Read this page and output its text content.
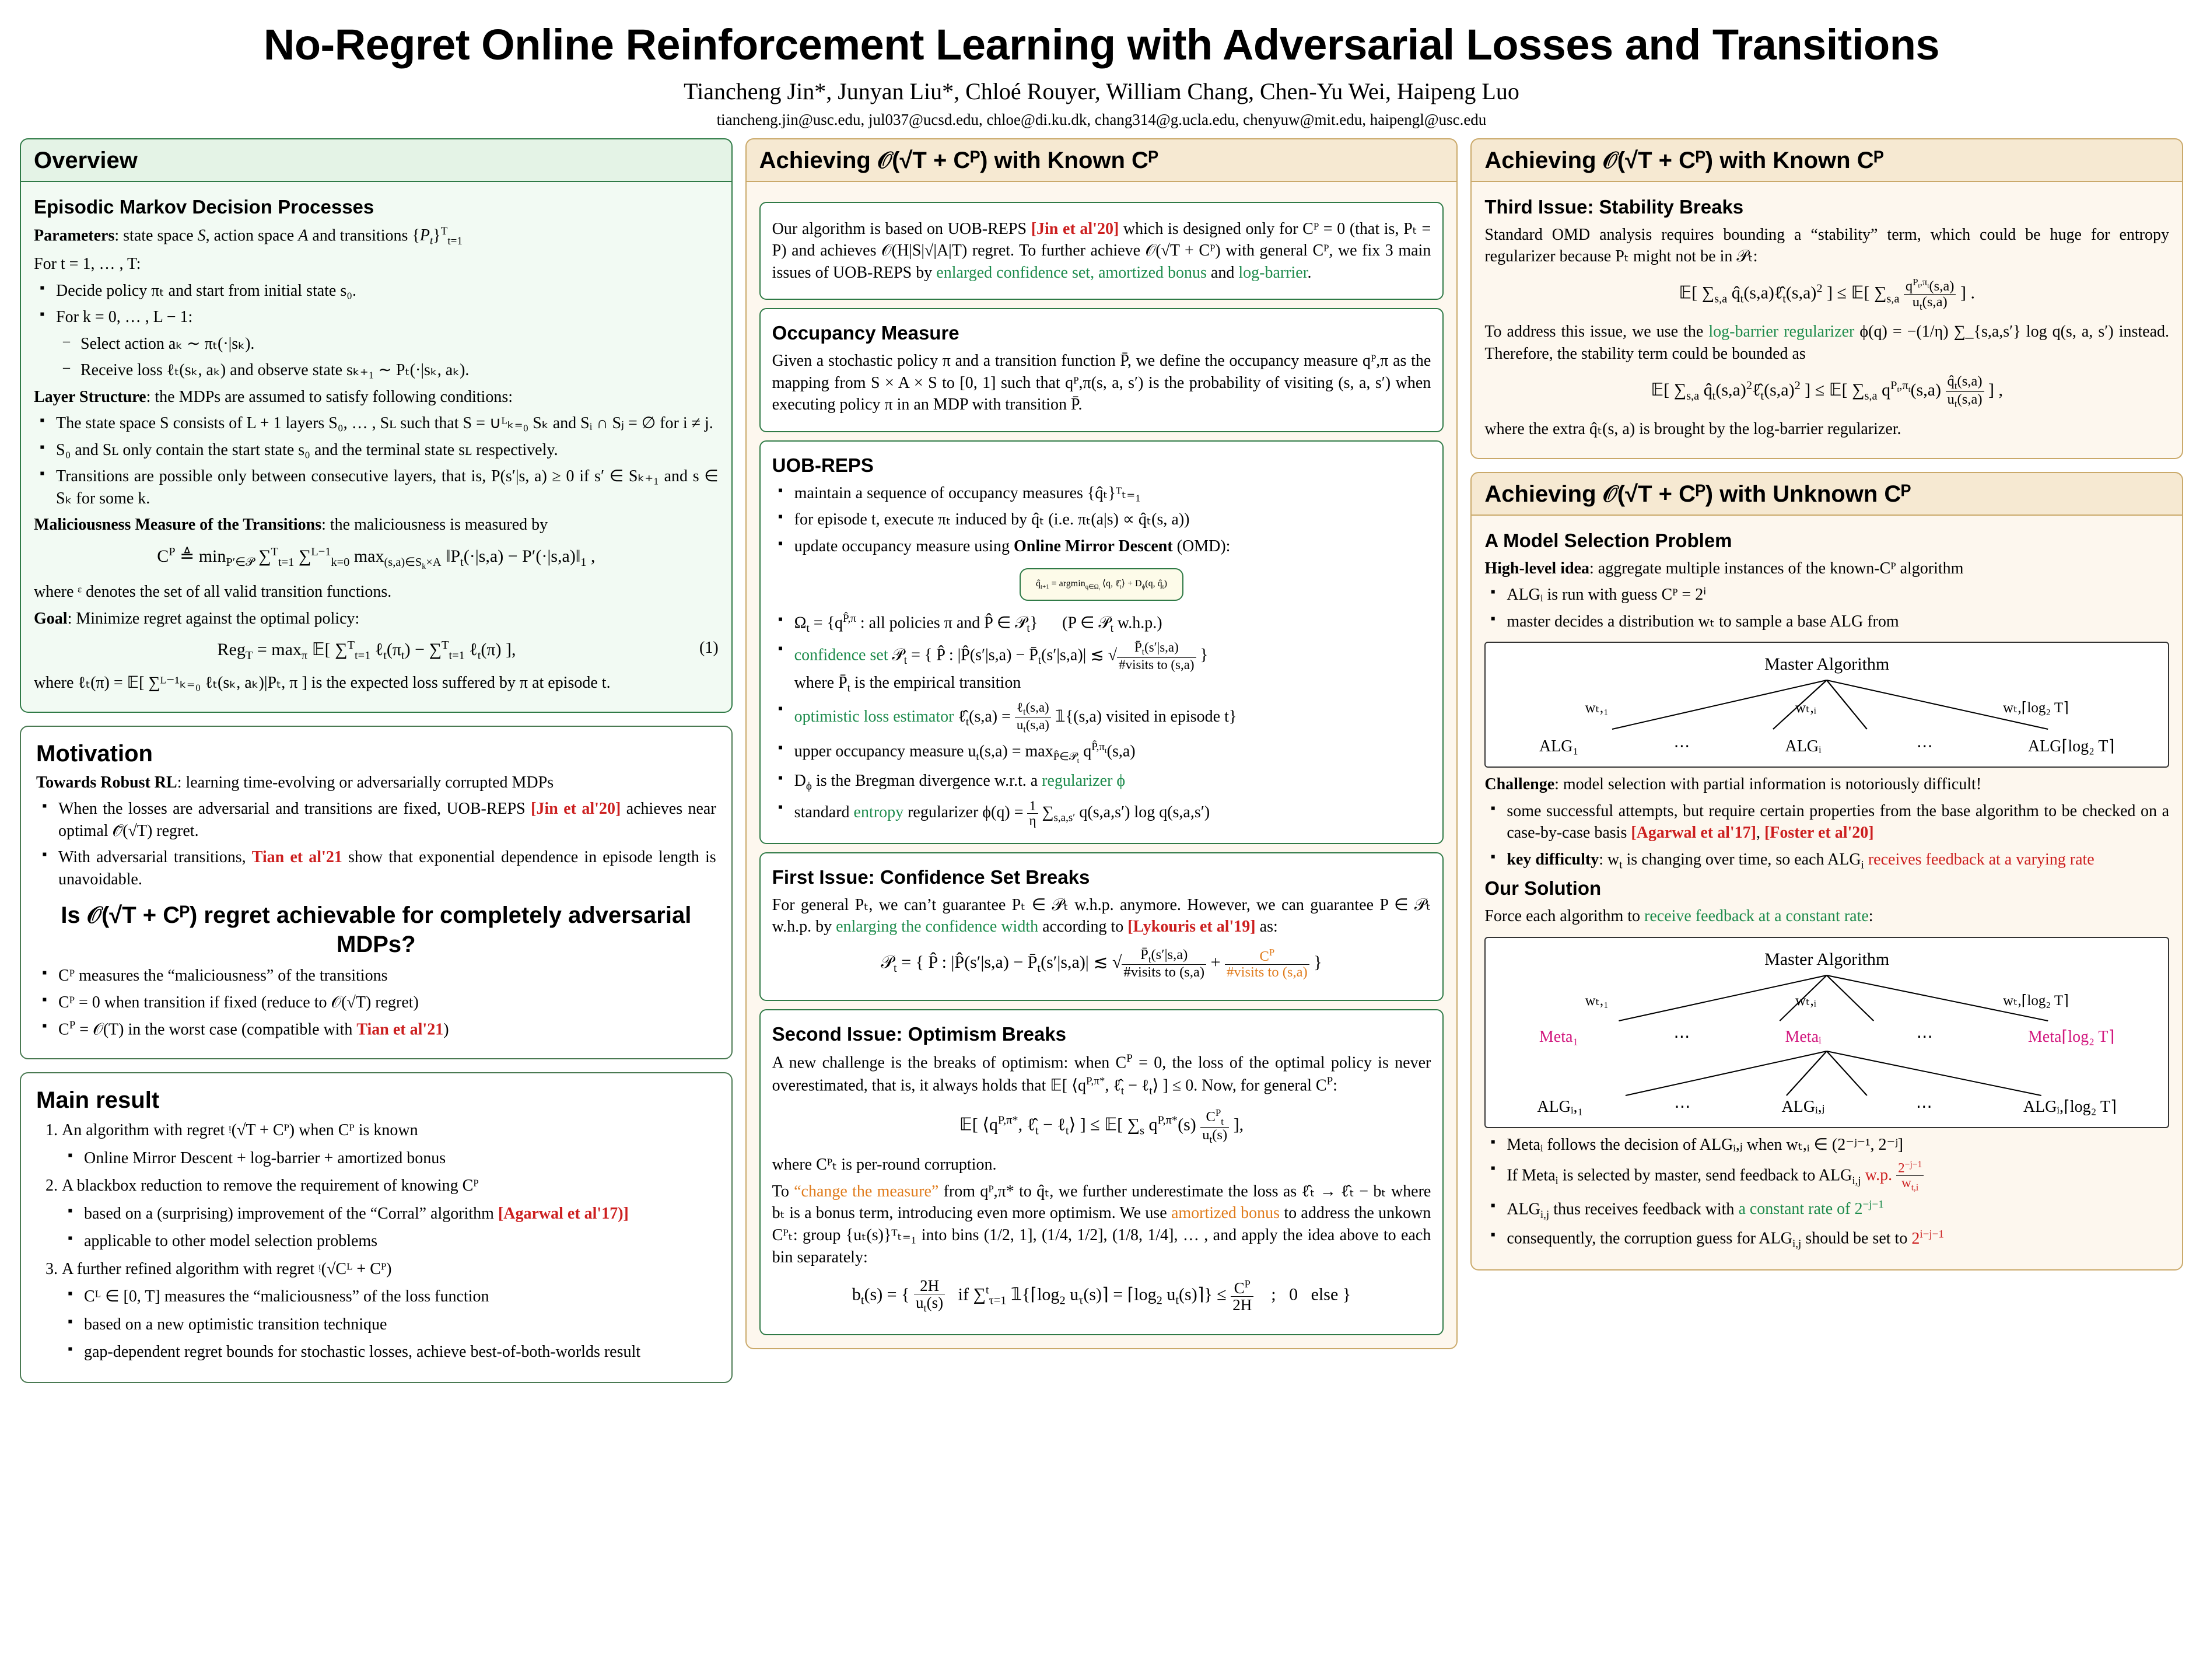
No-Regret Online Reinforcement Learning with Adversarial Losses and Transitions
Tiancheng Jin*, Junyan Liu*, Chloé Rouyer, William Chang, Chen-Yu Wei, Haipeng Luo
tiancheng.jin@usc.edu, jul037@ucsd.edu, chloe@di.ku.dk, chang314@g.ucla.edu, chenyuw@mit.edu, haipengl@usc.edu
Overview
Episodic Markov Decision Processes

Parameters: state space S, action space A and transitions $\{P_t\}^T_{t=1}$

For t = 1, … , T:

▪ Decide policy πₜ and start from initial state s₀.
▪ For k = 0, … , L − 1:
– Select action aₖ ∼ πₜ(·|sₖ).
– Receive loss ℓₜ(sₖ, aₖ) and observe state sₖ₊₁ ∼ Pₜ(·|sₖ, aₖ).

Layer Structure: the MDPs are assumed to satisfy following conditions:

▪ The state space S consists of L + 1 layers S₀, … , Sʟ such that S = ∪ᴸₖ₌₀ Sₖ and Sᵢ ∩ Sⱼ = ∅ for i ≠ j.
▪ S₀ and Sʟ only contain the start state s₀ and the terminal state sʟ respectively.
▪ Transitions are possible only between consecutive layers, that is, P(s′|s, a) ≥ 0 if s′ ∈ Sₖ₊₁ and s ∈ Sₖ for some k.

Maliciousness Measure of the Transitions: the maliciousness is measured by

$C^P$ ≜ $\min_{P'\in 𝒫} \sum^T_{t=1}$ ∑$^{L-1}_{k=0}$ $\max_{(s,a)\in S_k\times A}$ $‖P_t(\cdot|s,a)$ − $P'(\cdot|s,a)‖_1$ ,

where ᵋ denotes the set of all valid transition functions.

Goal: Minimize regret against the optimal policy:

$Reg_T = \max_\pi$ 𝔼[ ∑$^T_{t=1}$ $\ell_t(\pi_t) - \sum^T_{t=1}$ ℓ$_t$(π) ],	(1)

where ℓₜ(π) = 𝔼[ ∑ᴸ⁻¹ₖ₌₀ ℓₜ(sₖ, aₖ)|Pₜ, π ] is the expected loss suffered by π at episode t.

Motivation

Towards Robust RL: learning time-evolving or adversarially corrupted MDPs

▪ When the losses are adversarial and transitions are fixed, UOB-REPS [Jin et al'20] achieves near optimal 𝒪̃(√T) regret.
▪ With adversarial transitions, Tian et al'21 show that exponential dependence in episode length is unavoidable.
Is 𝒪(√T + Cᴾ) regret achievable for completely adversarial MDPs?
▪ Cᴾ measures the “maliciousness” of the transitions
▪ Cᴾ = 0 when transition if fixed (reduce to 𝒪(√T) regret)
▪ $C^P$ = 𝒪(T) in the worst case (compatible with Tian et al'21)
Main result
1. An algorithm with regret ᵎ(√T + Cᴾ) when Cᴾ is known
▪ Online Mirror Descent + log-barrier + amortized bonus
2. A blackbox reduction to remove the requirement of knowing Cᴾ
▪ based on a (surprising) improvement of the “Corral” algorithm [Agarwal et al'17)]
▪ applicable to other model selection problems
3. A further refined algorithm with regret ᵎ(√Cᴸ + Cᴾ)
▪ Cᴸ ∈ [0, T] measures the “maliciousness” of the loss function
▪ based on a new optimistic transition technique
▪ gap-dependent regret bounds for stochastic losses, achieve best-of-both-worlds result
Achieving 𝒪(√T + Cᴾ) with Known Cᴾ

Our algorithm is based on UOB-REPS [Jin et al'20] which is designed only for Cᴾ = 0 (that is, Pₜ = P) and achieves 𝒪(H|S|√|A|T) regret. To further achieve 𝒪(√T + Cᴾ) with general Cᴾ, we fix 3 main issues of UOB-REPS by enlarged confidence set, amortized bonus and log-barrier.

Occupancy Measure

Given a stochastic policy π and a transition function P̄, we define the occupancy measure qᴾ,π as the mapping from S × A × S to [0, 1] such that qᴾ,π(s, a, s′) is the probability of visiting (s, a, s′) when executing policy π in an MDP with transition P̄.

UOB-REPS
▪ maintain a sequence of occupancy measures {q̂ₜ}ᵀₜ₌₁
▪ for episode t, execute πₜ induced by q̂ₜ (i.e. πₜ(a|s) ∝ q̂ₜ(s, a))
▪ update occupancy measure using Online Mirror Descent (OMD):
$q̂_{t+1} = argmin_{q\in\Omega_t}$ ⟨q, $\ell̂_t⟩ + D_\phi(q$, $q̂_t$)
▪ $\Omega_t = \{q^{P̂,\pi}$ : all policies π and P̂ ∈ 𝒫$_t$}      (P ∈ 𝒫$_t$ w.h.p.)
▪ confidence set 𝒫$_t$ = { P̂ : |P̂(s′|s,a) − $P̄_t(s'|s,a)|$ ≲ √ $\frac{P̄_t(s'|s,a)}{\text{\#visits to (s,a)}}$ }
where $P̄_t$ is the empirical transition
▪ optimistic loss estimator $\ell̂_t(s,a) = \frac{\ell_t(s,a)}{u_t(s,a)}$ 𝟙{(s,a) visited in episode t}
▪ upper occupancy measure $u_t(s,a) = \max_{P̂\in 𝒫_t} q^{P̂,\pi_t}(s,a)$
▪ $D_\phi$ is the Bregman divergence w.r.t. a regularizer ϕ
▪ standard entropy regularizer $\phi(q) = \frac{1}{\eta} \sum_{s,a,s'}$ q(s,a,s′) log q(s,a,s′)
First Issue: Confidence Set Breaks

For general Pₜ, we can’t guarantee Pₜ ∈ 𝒫ₜ w.h.p. anymore. However, we can guarantee P ∈ 𝒫ₜ w.h.p. by enlarging the confidence width according to [Lykouris et al'19] as:

𝒫$_t$ = { P̂ : |P̂(s′|s,a) − $P̄_t(s'|s,a)|$ ≲ √ $\frac{P̄_t(s'|s,a)}{\text{\#visits to (s,a)}} + \frac{C^P}{\text{\#visits to (s,a)}}$ }
Second Issue: Optimism Breaks

A new challenge is the breaks of optimism: when $C^P = 0$, the loss of the optimal policy is never overestimated, that is, it always holds that 𝔼[ $⟨q^{P,\pi*}$, $\ell̂_t$ − ℓ$_t$⟩ ] ≤ 0. Now, for general $C^P$:

𝔼[ $⟨q^{P,\pi*}$, $\ell̂_t$ − ℓ$_t$⟩ ] ≤ 𝔼[ $\sum_s$ $q^{P,\pi*}(s) \frac{C^P_t}{u_t(s)}$ ],

where Cᴾₜ is per-round corruption.

To “change the measure” from qᴾ,π* to q̂ₜ, we further underestimate the loss as ℓ̂ₜ → ℓ̂ₜ − bₜ where bₜ is a bonus term, introducing even more optimism. We use amortized bonus to address the unkown Cᴾₜ: group {uₜ(s)}ᵀₜ₌₁ into bins (1/2, 1], (1/4, 1/2], (1/8, 1/4], … , and apply the idea above to each bin separately:

$b_t(s)$ = { $\frac{2H}{u_t(s)}$ if ∑$^t_{\tau=1}$ $𝟙\{⌈\log_2$ $u_\tau(s)⌉$ = $⌈\log_2$ $u_t(s)⌉\} \le \frac{C^P}{2H}$ ;   0   else }
Achieving 𝒪(√T + Cᴾ) with Known Cᴾ
Third Issue: Stability Breaks

Standard OMD analysis requires bounding a “stability” term, which could be huge for entropy regularizer because Pₜ might not be in 𝒫ₜ:

𝔼[ $\sum_{s,a}$ $q̂_t(s,a)\ell̂_t(s,a)^2$ ] ≤ 𝔼[ $\sum_{s,a} \frac{q^{P_t,\pi_t}(s,a)}{u_t(s,a)}$ ] .

To address this issue, we use the log-barrier regularizer ϕ(q) = −(1/η) ∑_{s,a,s′} log q(s, a, s′) instead. Therefore, the stability term could be bounded as

𝔼[ $\sum_{s,a}$ $q̂_t(s,a)^2\ell̂_t(s,a)^2$ ] ≤ 𝔼[ $\sum_{s,a}$ $q^{P_t,\pi_t}(s,a) \frac{q̂_t(s,a)}{u_t(s,a)}$ ] ,

where the extra q̂ₜ(s, a) is brought by the log-barrier regularizer.

Achieving 𝒪(√T + Cᴾ) with Unknown Cᴾ
A Model Selection Problem

High-level idea: aggregate multiple instances of the known-Cᴾ algorithm

▪ ALGᵢ is run with guess Cᴾ = 2ⁱ
▪ master decides a distribution wₜ to sample a base ALG from
Master Algorithm
wₜ,₁	wₜ,ᵢ	wₜ,⌈log₂ T⌉
ALG₁	⋯	ALGᵢ	⋯	ALG⌈log₂ T⌉

Challenge: model selection with partial information is notoriously difficult!

▪ some successful attempts, but require certain properties from the base algorithm to be checked on a case-by-case basis [Agarwal et al'17], [Foster et al'20]
▪ key difficulty: $w_t$ is changing over time, so each $ALG_i$ receives feedback at a varying rate
Our Solution

Force each algorithm to receive feedback at a constant rate:

Master Algorithm
wₜ,₁	wₜ,ᵢ	wₜ,⌈log₂ T⌉
Meta₁	⋯	Metaᵢ	⋯	Meta⌈log₂ T⌉
ALGᵢ,₁	⋯	ALGᵢ,ⱼ	⋯	ALGᵢ,⌈log₂ T⌉
▪ Metaᵢ follows the decision of ALGᵢ,ⱼ when wₜ,ᵢ ∈ (2⁻ʲ⁻¹, 2⁻ʲ]
▪ If Meta$_i$ is selected by master, send feedback to $ALG_{i,j}$ w.p. $\frac{2^{-j-1}}{w_{t,i}}$
▪ $ALG_{i,j}$ thus receives feedback with a constant rate of $2^{-j-1}$
▪ consequently, the corruption guess for $ALG_{i,j}$ should be set to $2^{i-j-1}$
